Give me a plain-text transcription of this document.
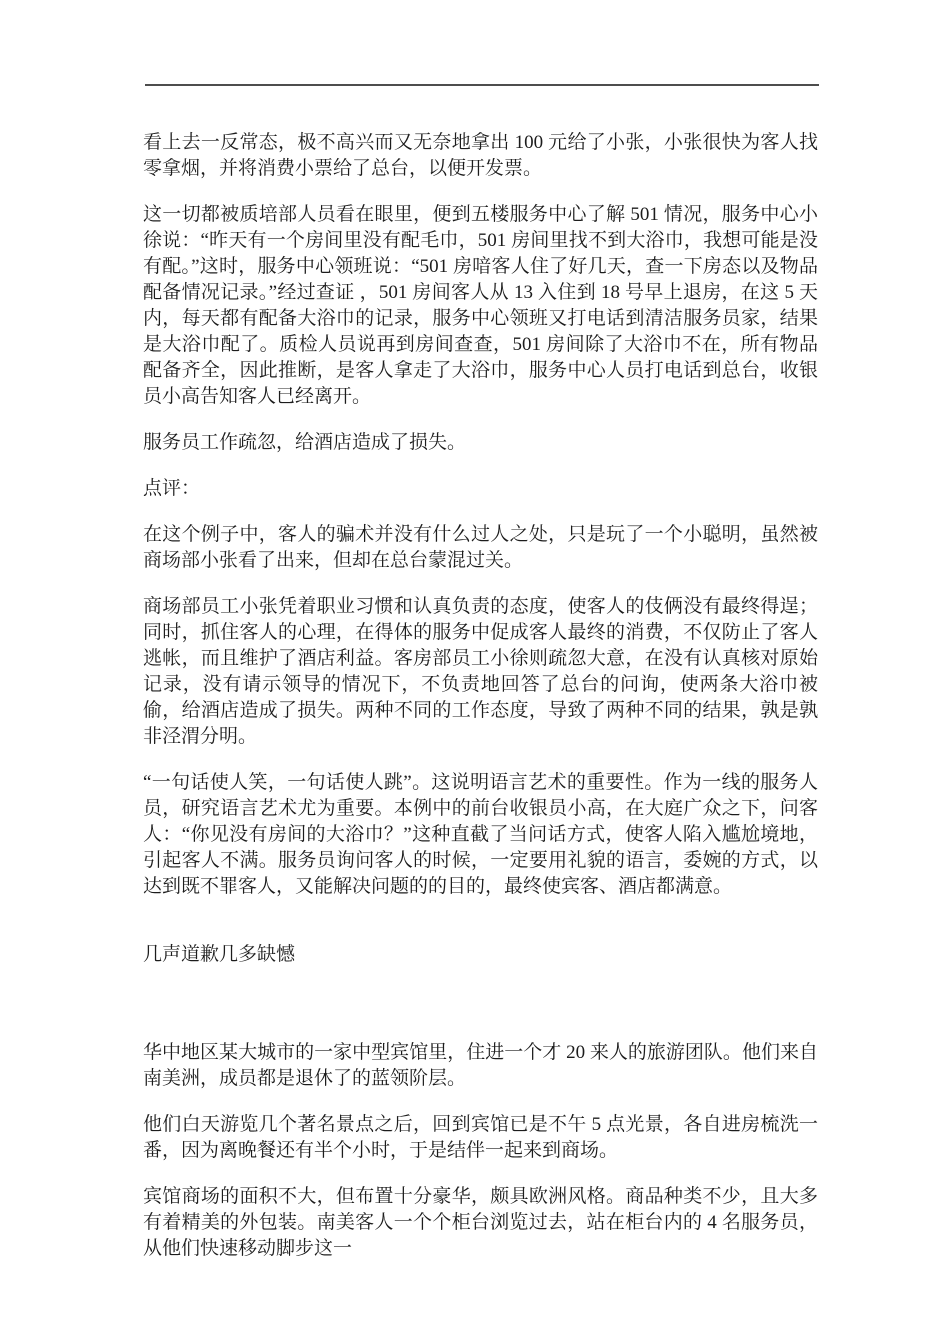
看上去一反常态，极不高兴而又无奈地拿出 100 元给了小张，小张很快为客人找零拿烟，并将消费小票给了总台，以便开发票。

这一切都被质培部人员看在眼里，便到五楼服务中心了解 501 情况，服务中心小徐说：“昨天有一个房间里没有配毛巾，501 房间里找不到大浴巾，我想可能是没有配。”这时，服务中心领班说：“501 房喑客人住了好几天，查一下房态以及物品配备情况记录。”经过查证 ，501 房间客人从 13 入住到 18 号早上退房，在这 5 天内，每天都有配备大浴巾的记录，服务中心领班又打电话到清洁服务员家，结果是大浴巾配了。质检人员说再到房间查查，501 房间除了大浴巾不在，所有物品配备齐全，因此推断，是客人拿走了大浴巾，服务中心人员打电话到总台，收银员小高告知客人已经离开。

服务员工作疏忽，给酒店造成了损失。

点评：

在这个例子中，客人的骗术并没有什么过人之处，只是玩了一个小聪明，虽然被商场部小张看了出来，但却在总台蒙混过关。

商场部员工小张凭着职业习惯和认真负责的态度，使客人的伎俩没有最终得逞；同时，抓住客人的心理，在得体的服务中促成客人最终的消费，不仅防止了客人逃帐，而且维护了酒店利益。客房部员工小徐则疏忽大意，在没有认真核对原始记录，没有请示领导的情况下，不负责地回答了总台的问询，使两条大浴巾被偷，给酒店造成了损失。两种不同的工作态度，导致了两种不同的结果，孰是孰非泾渭分明。

“一句话使人笑，一句话使人跳”。这说明语言艺术的重要性。作为一线的服务人员，研究语言艺术尤为重要。本例中的前台收银员小高，在大庭广众之下，问客人：“你见没有房间的大浴巾？”这种直截了当问话方式，使客人陷入尴尬境地，引起客人不满。服务员询问客人的时候，一定要用礼貌的语言，委婉的方式，以达到既不罪客人，又能解决问题的的目的，最终使宾客、酒店都满意。

几声道歉几多缺憾

华中地区某大城市的一家中型宾馆里，住进一个才 20 来人的旅游团队。他们来自南美洲，成员都是退休了的蓝领阶层。

他们白天游览几个著名景点之后，回到宾馆已是不午 5 点光景，各自进房梳洗一番，因为离晚餐还有半个小时，于是结伴一起来到商场。

宾馆商场的面积不大，但布置十分豪华，颇具欧洲风格。商品种类不少，且大多有着精美的外包装。南美客人一个个柜台浏览过去，站在柜台内的 4 名服务员，从他们快速移动脚步这一
